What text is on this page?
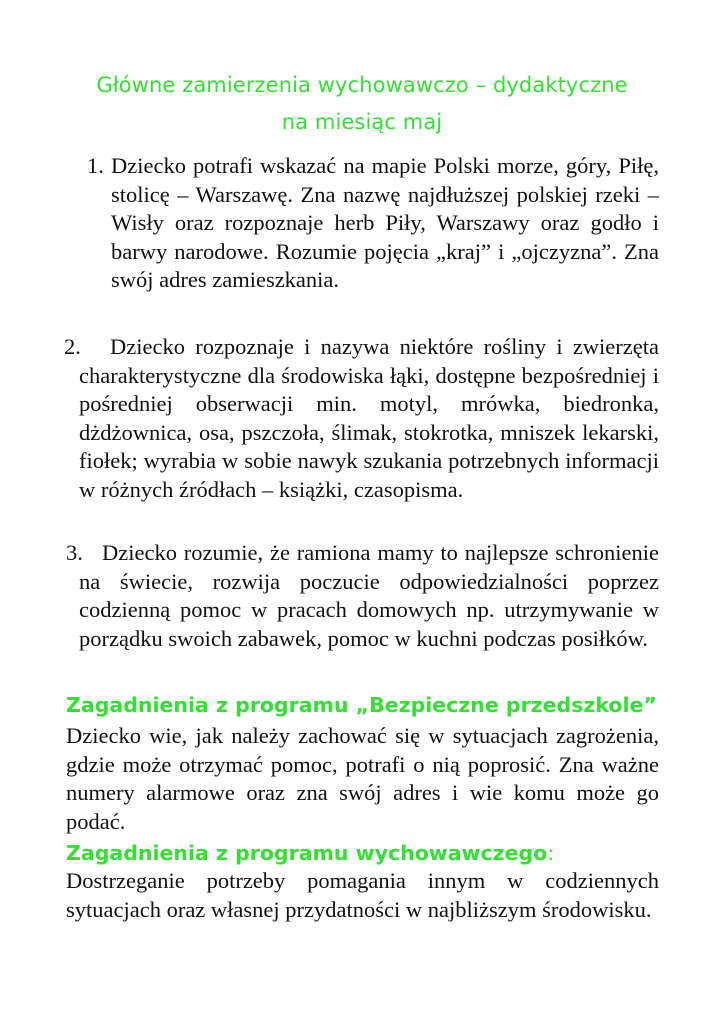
Główne zamierzenia wychowawczo – dydaktyczne
na miesiąc maj
1. Dziecko potrafi wskazać na mapie Polski morze, góry, Piłę, stolicę – Warszawę. Zna nazwę najdłuższej polskiej rzeki – Wisły oraz rozpoznaje herb Piły, Warszawy oraz godło i barwy narodowe. Rozumie pojęcia „kraj” i „ojczyzna”. Zna swój adres zamieszkania.

2.	Dziecko rozpoznaje i nazywa niektóre rośliny i zwierzęta charakterystyczne dla środowiska łąki, dostępne bezpośredniej i pośredniej obserwacji min. motyl, mrówka, biedronka, dżdżownica, osa, pszczoła, ślimak, stokrotka, mniszek lekarski, fiołek; wyrabia w sobie nawyk szukania potrzebnych informacji w różnych źródłach – książki, czasopisma.

3. Dziecko rozumie, że ramiona mamy to najlepsze schronienie na świecie, rozwija poczucie odpowiedzialności poprzez codzienną pomoc w pracach domowych np. utrzymywanie w porządku swoich zabawek, pomoc w kuchni podczas posiłków.

Zagadnienia z programu „Bezpieczne przedszkole”
Dziecko wie, jak należy zachować się w sytuacjach zagrożenia, gdzie może otrzymać pomoc, potrafi o nią poprosić. Zna ważne numery alarmowe oraz zna swój adres i wie komu może go podać.
Zagadnienia z programu wychowawczego:
Dostrzeganie potrzeby pomagania innym w codziennych sytuacjach oraz własnej przydatności w najbliższym środowisku.
